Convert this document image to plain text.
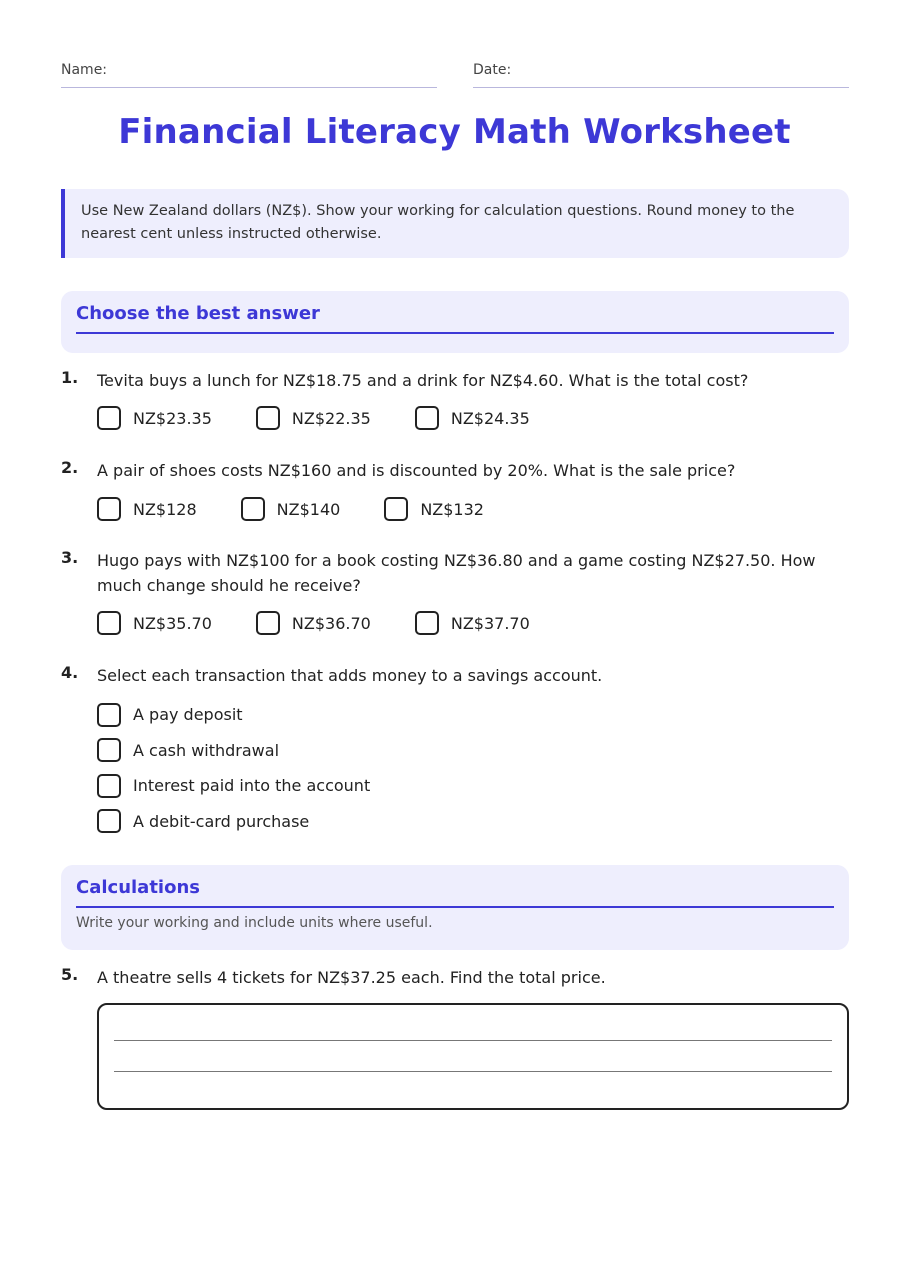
Name:	Date:
Financial Literacy Math Worksheet
Use New Zealand dollars (NZ$). Show your working for calculation questions. Round money to the nearest cent unless instructed otherwise.
Choose the best answer
1. Tevita buys a lunch for NZ$18.75 and a drink for NZ$4.60. What is the total cost?
NZ$23.35	NZ$22.35	NZ$24.35
2. A pair of shoes costs NZ$160 and is discounted by 20%. What is the sale price?
NZ$128	NZ$140	NZ$132
3. Hugo pays with NZ$100 for a book costing NZ$36.80 and a game costing NZ$27.50. How much change should he receive?
NZ$35.70	NZ$36.70	NZ$37.70
4. Select each transaction that adds money to a savings account.
A pay deposit
A cash withdrawal
Interest paid into the account
A debit-card purchase
Calculations
Write your working and include units where useful.
5. A theatre sells 4 tickets for NZ$37.25 each. Find the total price.
